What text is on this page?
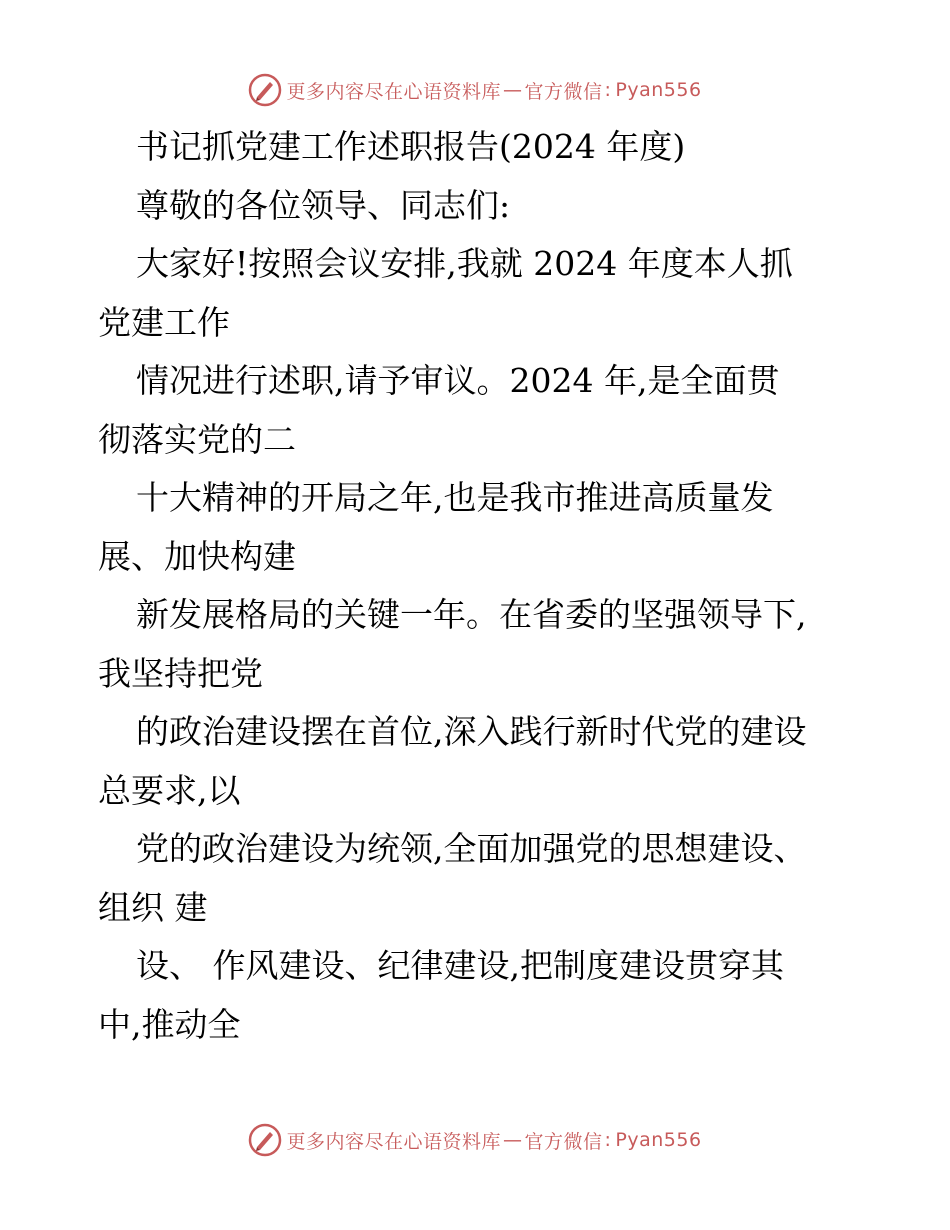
更多内容尽在心语资料库 — 官方微信 : Pyan556
书记抓党建工作述职报告(2024 年度)
尊敬的各位领导、同志们:
大家好!按照会议安排,我就 2024 年度本人抓
党建工作
情况进行述职,请予审议。2024 年,是全面贯
彻落实党的二
十大精神的开局之年,也是我市推进高质量发
展、加快构建
新发展格局的关键一年。在省委的坚强领导下,
我坚持把党
的政治建设摆在首位,深入践行新时代党的建设
总要求,以
党的政治建设为统领,全面加强党的思想建设、
组织 建
设、 作风建设、纪律建设,把制度建设贯穿其
中,推动全
更多内容尽在心语资料库 — 官方微信 : Pyan556
